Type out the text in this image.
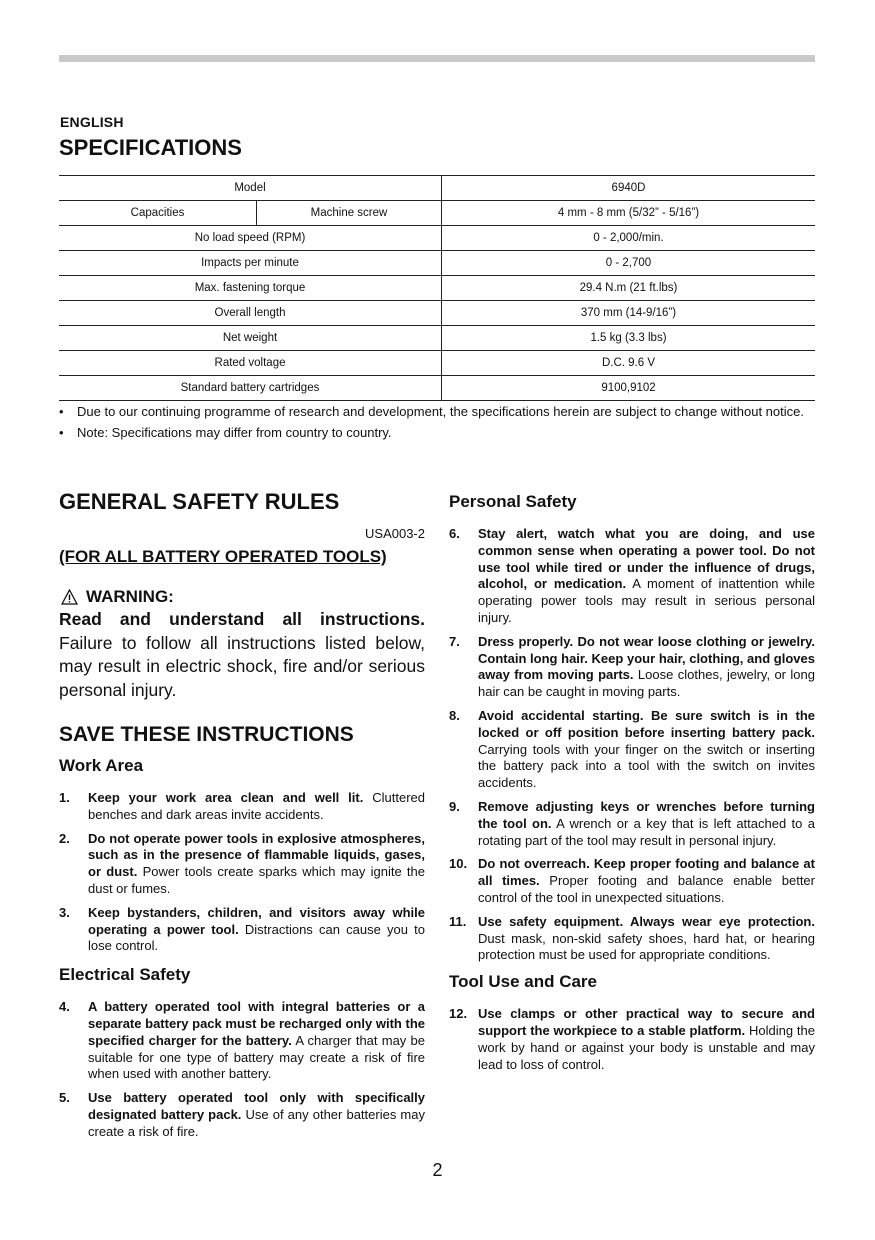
ENGLISH
SPECIFICATIONS
Model		6940D
Capacities	Machine screw	4 mm - 8 mm (5/32” - 5/16”)
No load speed (RPM)		0 - 2,000/min.
Impacts per minute		0 - 2,700
Max. fastening torque		29.4 N.m (21 ft.lbs)
Overall length		370 mm (14-9/16”)
Net weight		1.5 kg (3.3 lbs)
Rated voltage		D.C. 9.6 V
Standard battery cartridges		9100,9102
• Due to our continuing programme of research and development, the specifications herein are subject to change without notice.
• Note: Specifications may differ from country to country.
GENERAL SAFETY RULES
USA003-2
(FOR ALL BATTERY OPERATED TOOLS)
WARNING:
Read and understand all instructions. Failure to follow all instructions listed below, may result in electric shock, fire and/or serious personal injury.
SAVE THESE INSTRUCTIONS
Work Area
1. Keep your work area clean and well lit. Cluttered benches and dark areas invite accidents.
2. Do not operate power tools in explosive atmospheres, such as in the presence of flammable liquids, gases, or dust. Power tools create sparks which may ignite the dust or fumes.
3. Keep bystanders, children, and visitors away while operating a power tool. Distractions can cause you to lose control.
Electrical Safety
4. A battery operated tool with integral batteries or a separate battery pack must be recharged only with the specified charger for the battery. A charger that may be suitable for one type of battery may create a risk of fire when used with another battery.
5. Use battery operated tool only with specifically designated battery pack. Use of any other batteries may create a risk of fire.
Personal Safety
6. Stay alert, watch what you are doing, and use common sense when operating a power tool. Do not use tool while tired or under the influence of drugs, alcohol, or medication. A moment of inattention while operating power tools may result in serious personal injury.
7. Dress properly. Do not wear loose clothing or jewelry. Contain long hair. Keep your hair, clothing, and gloves away from moving parts. Loose clothes, jewelry, or long hair can be caught in moving parts.
8. Avoid accidental starting. Be sure switch is in the locked or off position before inserting battery pack. Carrying tools with your finger on the switch or inserting the battery pack into a tool with the switch on invites accidents.
9. Remove adjusting keys or wrenches before turning the tool on. A wrench or a key that is left attached to a rotating part of the tool may result in personal injury.
10. Do not overreach. Keep proper footing and balance at all times. Proper footing and balance enable better control of the tool in unexpected situations.
11. Use safety equipment. Always wear eye protection. Dust mask, non-skid safety shoes, hard hat, or hearing protection must be used for appropriate conditions.
Tool Use and Care
12. Use clamps or other practical way to secure and support the workpiece to a stable platform. Holding the work by hand or against your body is unstable and may lead to loss of control.
2
